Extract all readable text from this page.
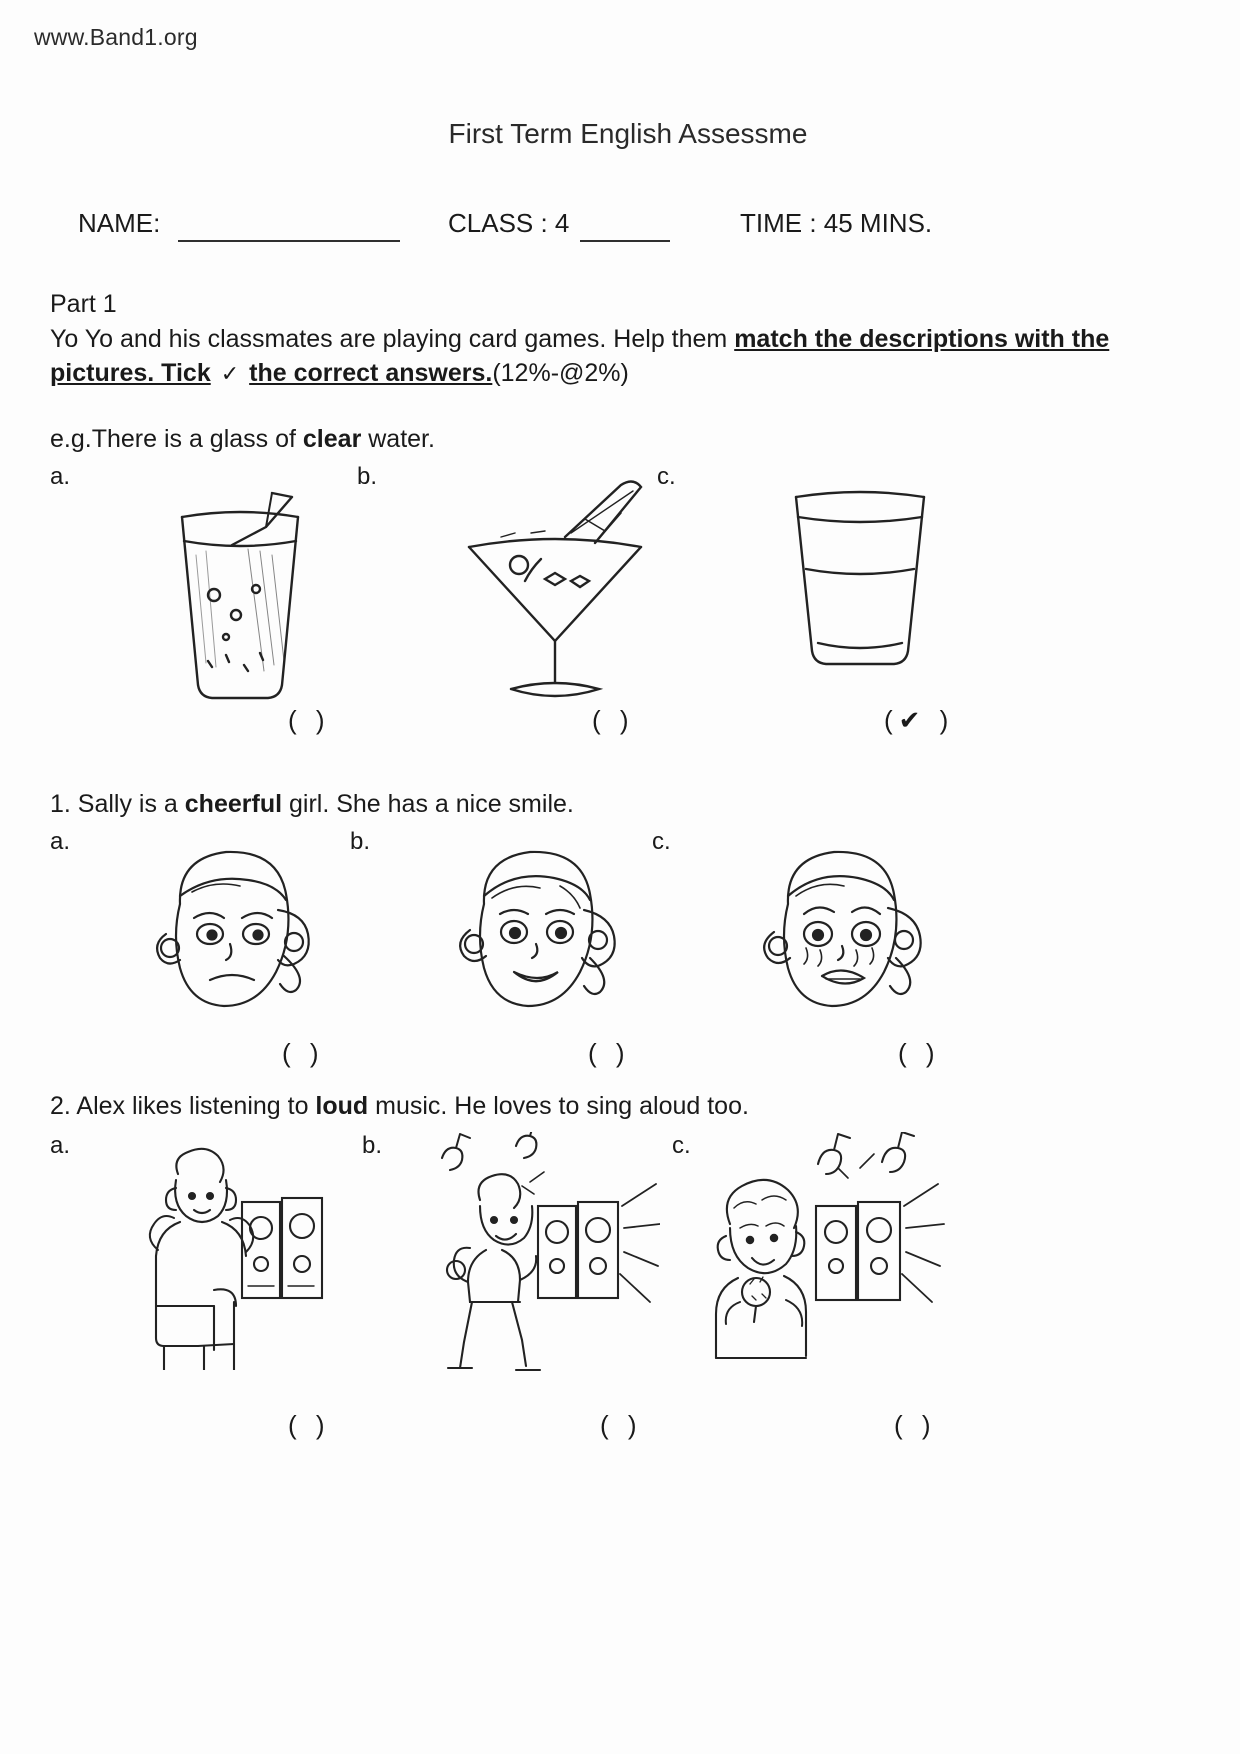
www.Band1.org
First Term English Assessme
NAME:	CLASS : 4	TIME : 45 MINS.
Part 1
Yo Yo and his classmates are playing card games. Help them match the descriptions with the pictures. Tick ✓ the correct answers.(12%-@2%)
e.g.There is a glass of clear water.
a.	b.	c.
( )	( )	(✔ )
1. Sally is a cheerful girl. She has a nice smile.
a.	b.	c.
( )	( )	( )
2. Alex likes listening to loud music. He loves to sing aloud too.
a.	b.	c.
( )	( )	( )
